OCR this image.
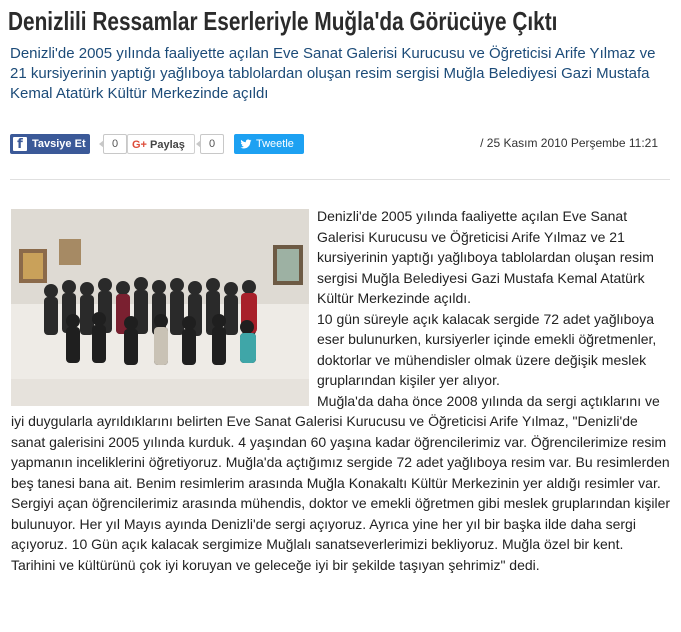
Denizlili Ressamlar Eserleriyle Muğla'da Görücüye Çıktı
Denizli'de 2005 yılında faaliyette açılan Eve Sanat Galerisi Kurucusu ve Öğreticisi Arife Yılmaz ve 21 kursiyerinin yaptığı yağlıboya tablolardan oluşan resim sergisi Muğla Belediyesi Gazi Mustafa Kemal Atatürk Kültür Merkezinde açıldı
f Tavsiye Et	0	G+ Paylaş	0	Tweetle	/ 25 Kasım 2010 Perşembe 11:21

Denizli'de 2005 yılında faaliyette açılan Eve Sanat Galerisi Kurucusu ve Öğreticisi Arife Yılmaz ve 21 kursiyerinin yaptığı yağlıboya tablolardan oluşan resim sergisi Muğla Belediyesi Gazi Mustafa Kemal Atatürk Kültür Merkezinde açıldı.

10 gün süreyle açık kalacak sergide 72 adet yağlıboya eser bulunurken, kursiyerler içinde emekli öğretmenler, doktorlar ve mühendisler olmak üzere değişik meslek gruplarından kişiler yer alıyor.

Muğla'da daha önce 2008 yılında da sergi açtıklarını ve iyi duygularla ayrıldıklarını belirten Eve Sanat Galerisi Kurucusu ve Öğreticisi Arife Yılmaz, "Denizli'de sanat galerisini 2005 yılında kurduk. 4 yaşından 60 yaşına kadar öğrencilerimiz var. Öğrencilerimize resim yapmanın inceliklerini öğretiyoruz. Muğla'da açtığımız sergide 72 adet yağlıboya resim var. Bu resimlerden beş tanesi bana ait. Benim resimlerim arasında Muğla Konakaltı Kültür Merkezinin yer aldığı resimler var. Sergiyi açan öğrencilerimiz arasında mühendis, doktor ve emekli öğretmen gibi meslek gruplarından kişiler bulunuyor. Her yıl Mayıs ayında Denizli'de sergi açıyoruz. Ayrıca yine her yıl bir başka ilde daha sergi açıyoruz. 10 Gün açık kalacak sergimize Muğlalı sanatseverlerimizi bekliyoruz. Muğla özel bir kent. Tarihini ve kültürünü çok iyi koruyan ve geleceğe iyi bir şekilde taşıyan şehrimiz" dedi.
